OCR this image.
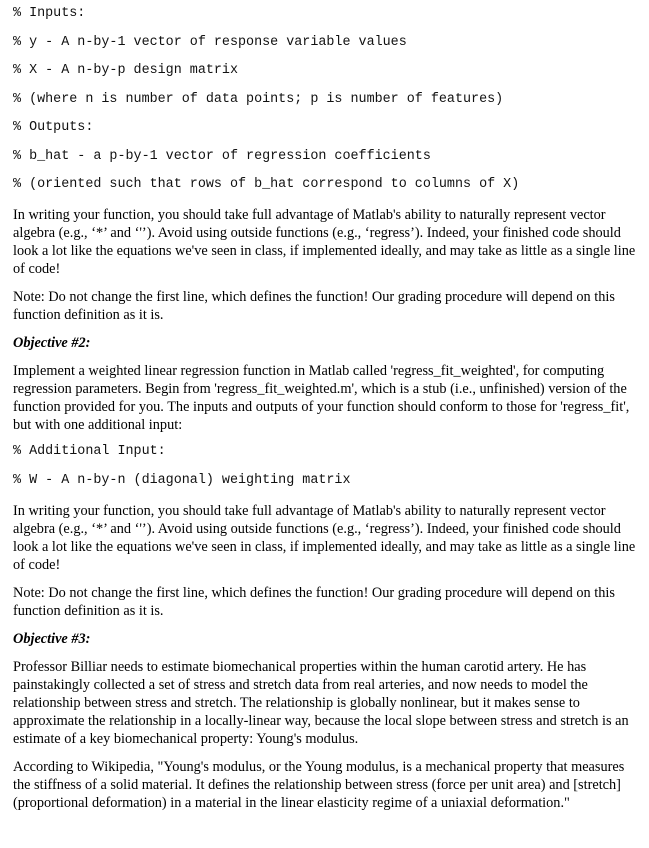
% Inputs:
% y - A n-by-1 vector of response variable values
% X - A n-by-p design matrix
% (where n is number of data points; p is number of features)
% Outputs:
% b_hat - a p-by-1 vector of regression coefficients
% (oriented such that rows of b_hat correspond to columns of X)

In writing your function, you should take full advantage of Matlab's ability to naturally represent vector algebra (e.g., ‘*’ and ‘'’). Avoid using outside functions (e.g., ‘regress’). Indeed, your finished code should look a lot like the equations we've seen in class, if implemented ideally, and may take as little as a single line of code!

Note: Do not change the first line, which defines the function! Our grading procedure will depend on this function definition as it is.

Objective #2:

Implement a weighted linear regression function in Matlab called 'regress_fit_weighted', for computing regression parameters. Begin from 'regress_fit_weighted.m', which is a stub (i.e., unfinished) version of the function provided for you. The inputs and outputs of your function should conform to those for 'regress_fit', but with one additional input:

% Additional Input:
% W - A n-by-n (diagonal) weighting matrix

In writing your function, you should take full advantage of Matlab's ability to naturally represent vector algebra (e.g., ‘*’ and ‘'’). Avoid using outside functions (e.g., ‘regress’). Indeed, your finished code should look a lot like the equations we've seen in class, if implemented ideally, and may take as little as a single line of code!

Note: Do not change the first line, which defines the function! Our grading procedure will depend on this function definition as it is.

Objective #3:

Professor Billiar needs to estimate biomechanical properties within the human carotid artery. He has painstakingly collected a set of stress and stretch data from real arteries, and now needs to model the relationship between stress and stretch. The relationship is globally nonlinear, but it makes sense to approximate the relationship in a locally-linear way, because the local slope between stress and stretch is an estimate of a key biomechanical property: Young's modulus.

According to Wikipedia, "Young's modulus, or the Young modulus, is a mechanical property that measures the stiffness of a solid material. It defines the relationship between stress (force per unit area) and [stretch] (proportional deformation) in a material in the linear elasticity regime of a uniaxial deformation."
